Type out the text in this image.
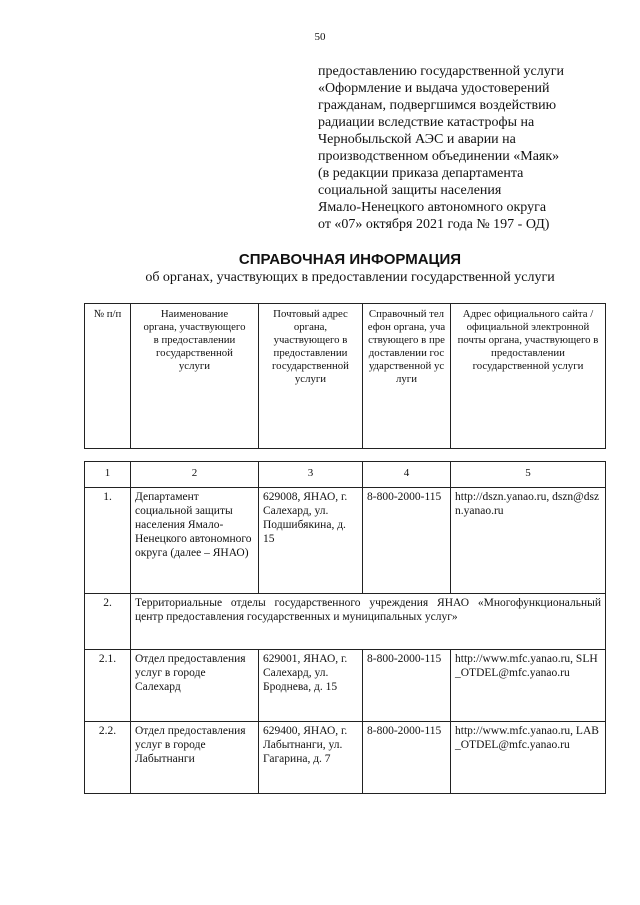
50
предоставлению государственной услуги
«Оформление и выдача удостоверений
гражданам, подвергшимся воздействию
радиации вследствие катастрофы на
Чернобыльской АЭС и аварии на
производственном объединении «Маяк»
(в редакции приказа департамента
социальной защиты населения
Ямало-Ненецкого автономного округа
от «07» октября 2021 года № 197 - ОД)
СПРАВОЧНАЯ ИНФОРМАЦИЯ
об органах, участвующих в предоставлении государственной услуги
№ п/п	Наименование органа, участвующего в предоставлении государственной услуги	Почтовый адрес органа, участвующего в предоставлении государственной услуги	Справочный телефон органа, участвующего в предоставлении государственной услуги	Адрес официального сайта /официальной электронной почты органа, участвующего в предоставлении государственной услуги
1	2	3	4	5
1.	Департамент социальной защиты населения Ямало-Ненецкого автономного округа (далее – ЯНАО)	629008, ЯНАО, г. Салехард, ул. Подшибякина, д. 15	8-800-2000-115	http://dszn.yanao.ru, dszn@dszn.yanao.ru
2.	Территориальные отделы государственного учреждения ЯНАО «Многофункциональный центр предоставления государственных и муниципальных услуг»			
2.1.	Отдел предоставления услуг в городе Салехард	629001, ЯНАО, г. Салехард, ул. Броднева, д. 15	8-800-2000-115	http://www.mfc.yanao.ru, SLH_OTDEL@mfc.yanao.ru
2.2.	Отдел предоставления услуг в городе Лабытнанги	629400, ЯНАО, г. Лабытнанги, ул. Гагарина, д. 7	8-800-2000-115	http://www.mfc.yanao.ru, LAB_OTDEL@mfc.yanao.ru
